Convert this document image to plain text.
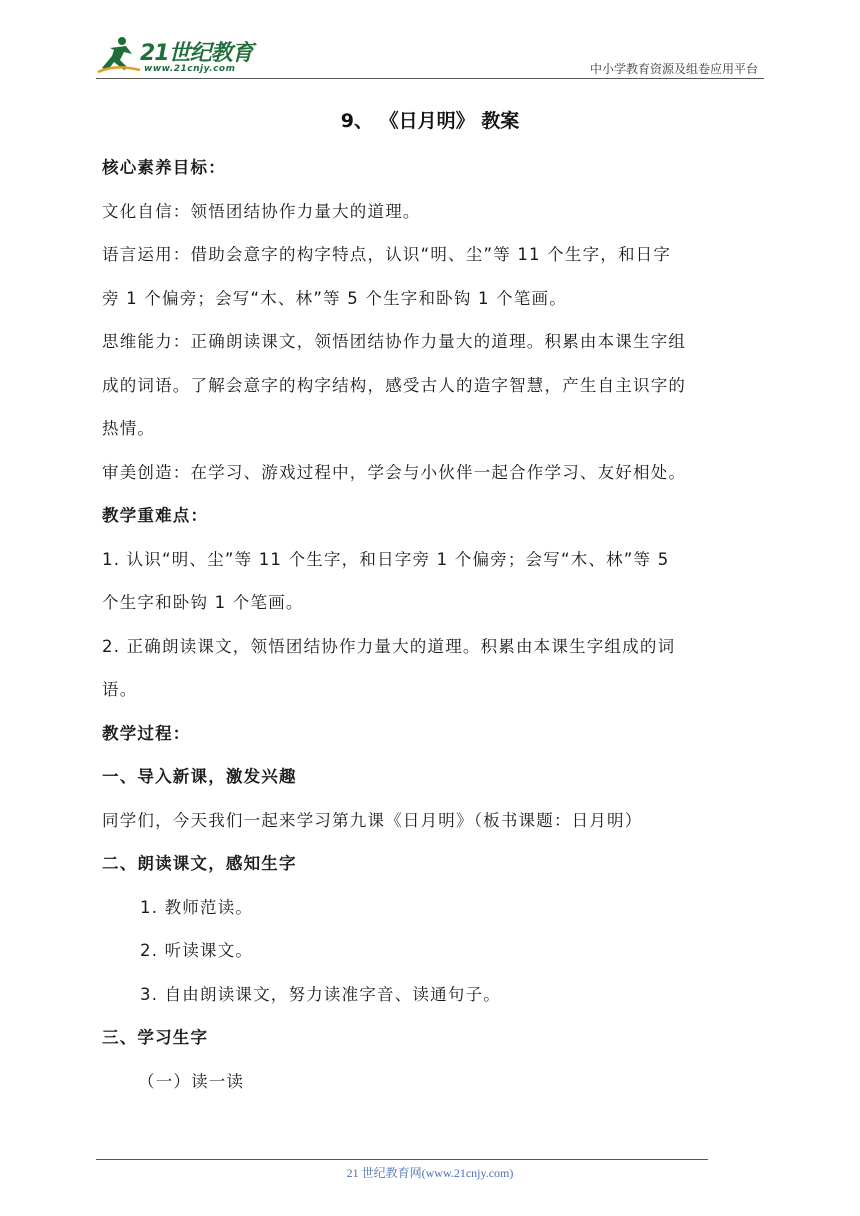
21世纪教育
www.21cnjy.com	中小学教育资源及组卷应用平台
9、 《日月明》 教案

核心素养目标：

文化自信：领悟团结协作力量大的道理。

语言运用：借助会意字的构字特点，认识“明、尘”等 11 个生字，和日字

旁 1 个偏旁；会写“木、林”等 5 个生字和卧钩 1 个笔画。

思维能力：正确朗读课文，领悟团结协作力量大的道理。积累由本课生字组

成的词语。了解会意字的构字结构，感受古人的造字智慧，产生自主识字的

热情。

审美创造：在学习、游戏过程中，学会与小伙伴一起合作学习、友好相处。

教学重难点：

1. 认识“明、尘”等 11 个生字，和日字旁 1 个偏旁；会写“木、林”等 5

个生字和卧钩 1 个笔画。

2. 正确朗读课文，领悟团结协作力量大的道理。积累由本课生字组成的词

语。

教学过程：

一、导入新课，激发兴趣

同学们，今天我们一起来学习第九课《日月明》（板书课题：日月明）

二、朗读课文，感知生字

1. 教师范读。

2. 听读课文。

3. 自由朗读课文，努力读准字音、读通句子。

三、学习生字

（一）读一读

21 世纪教育网(www.21cnjy.com)
